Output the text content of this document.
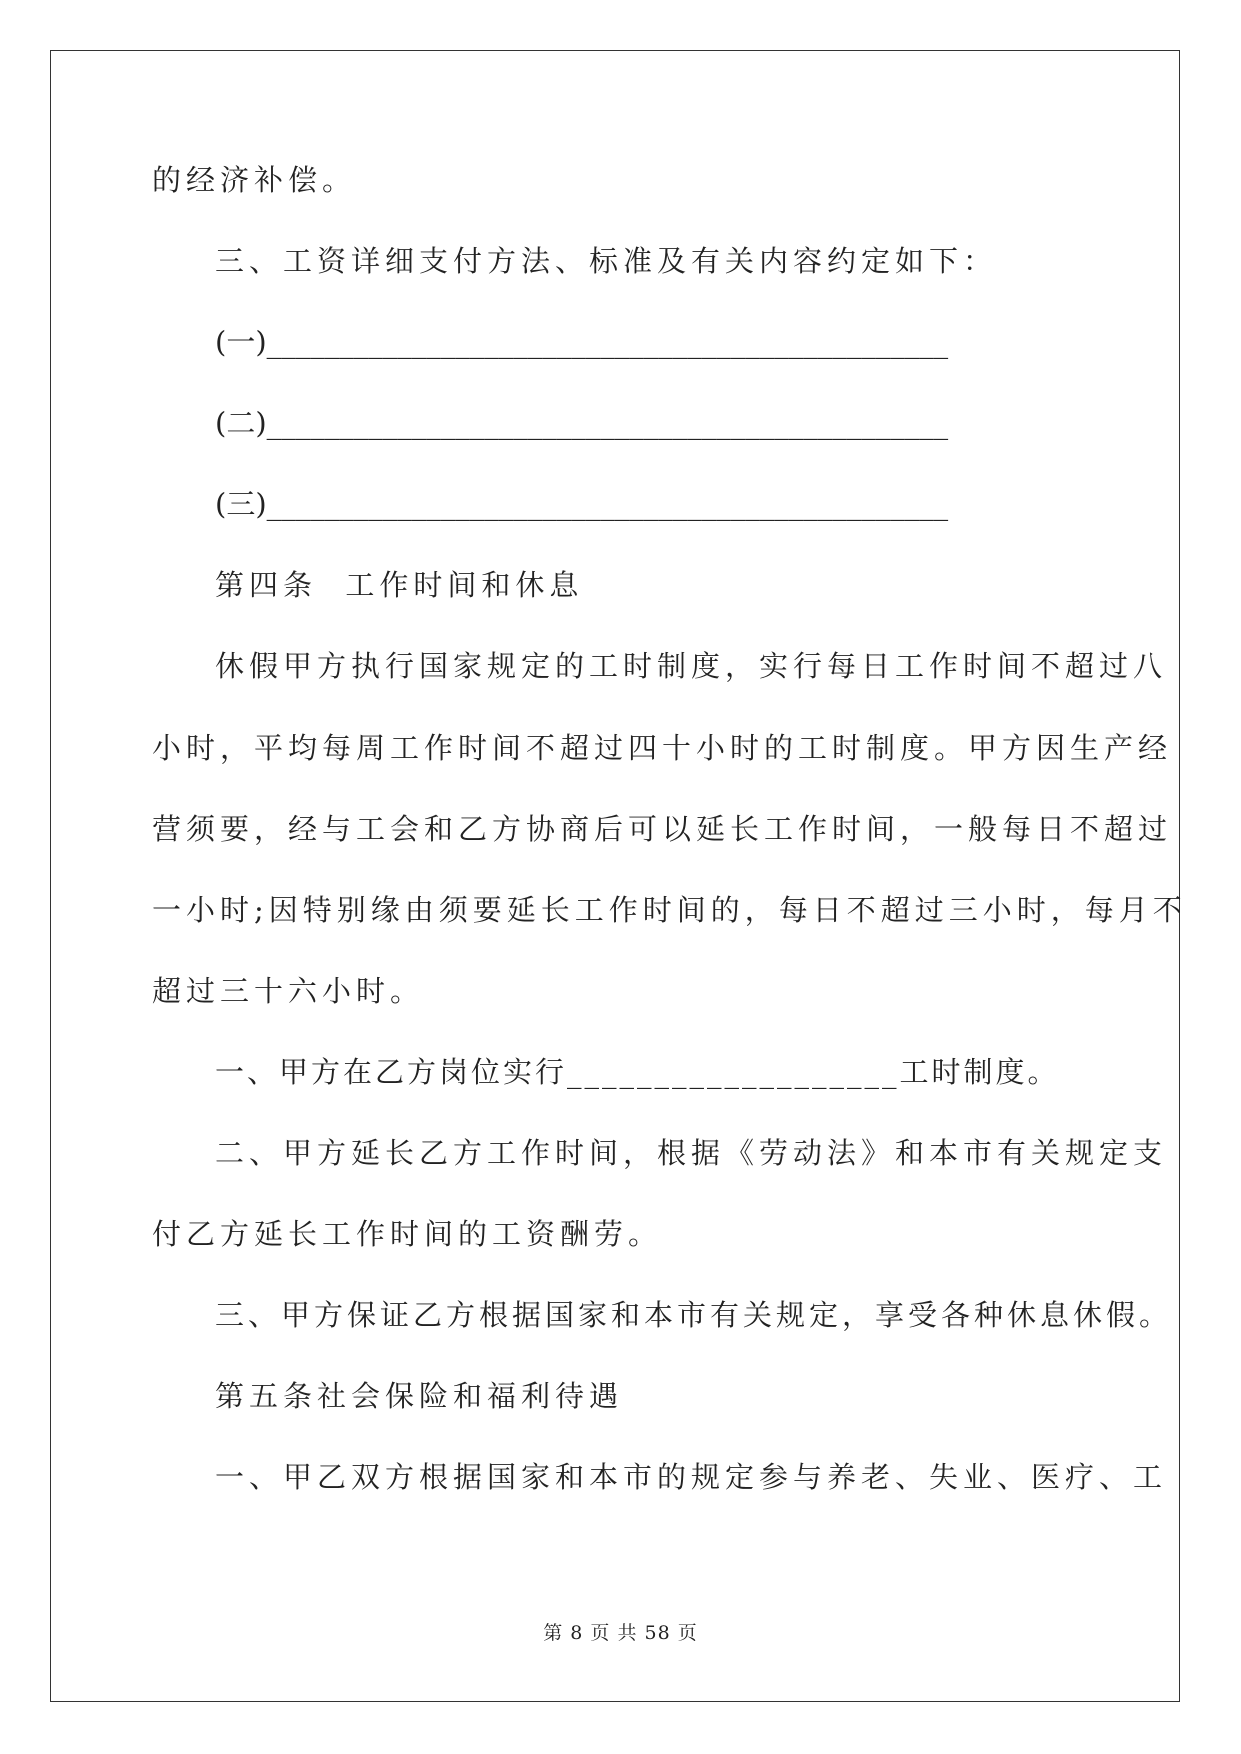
的经济补偿。
三、工资详细支付方法、标准及有关内容约定如下：
(一)_______________________________________________
(二)_______________________________________________
(三)_______________________________________________
第四条  工作时间和休息
休假甲方执行国家规定的工时制度，实行每日工作时间不超过八
小时，平均每周工作时间不超过四十小时的工时制度。甲方因生产经
营须要，经与工会和乙方协商后可以延长工作时间，一般每日不超过
一小时;因特别缘由须要延长工作时间的，每日不超过三小时，每月不
超过三十六小时。
一、甲方在乙方岗位实行___________________工时制度。
二、甲方延长乙方工作时间，根据《劳动法》和本市有关规定支
付乙方延长工作时间的工资酬劳。
三、甲方保证乙方根据国家和本市有关规定，享受各种休息休假。
第五条社会保险和福利待遇
一、甲乙双方根据国家和本市的规定参与养老、失业、医疗、工
第 8 页 共 58 页
